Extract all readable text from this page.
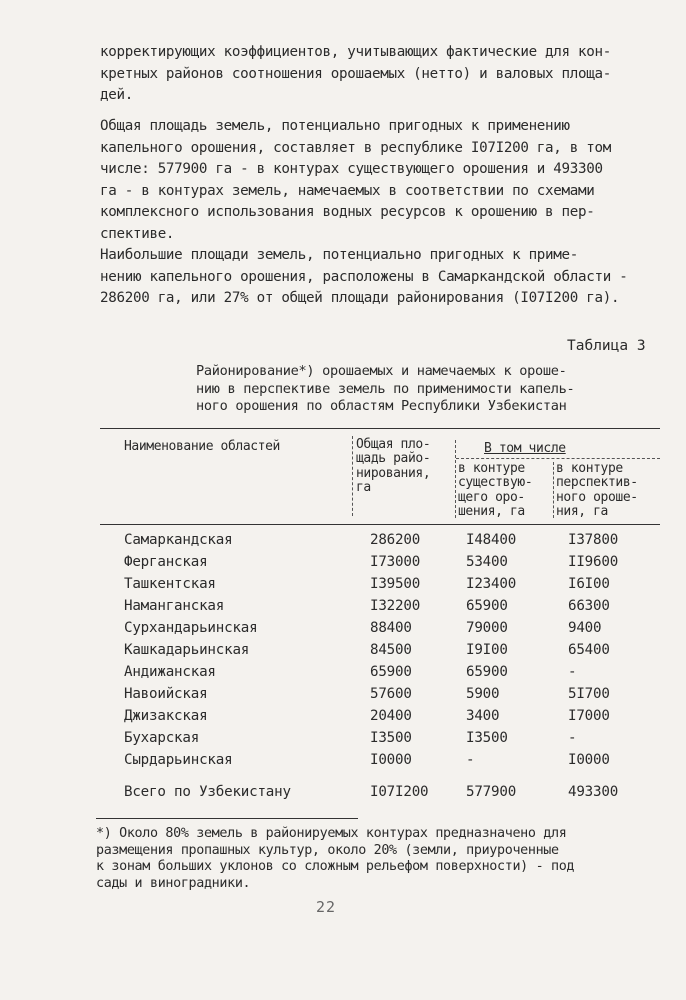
корректирующих коэффициентов, учитывающих фактические для кон-
кретных районов соотношения орошаемых (нетто) и валовых площа-
дей.

Общая площадь земель, потенциально пригодных к применению
капельного орошения, составляет в республике I07I200 га, в том
числе: 577900 га - в контурах существующего орошения и 493300
га - в контурах земель, намечаемых в соответствии по схемами
комплексного использования водных ресурсов к орошению в пер-
спективе.

Наибольшие площади земель, потенциально пригодных к приме-
нению капельного орошения, расположены в Самаркандской области -
286200 га, или 27% от общей площади районирования (I07I200 га).

Таблица 3
Районирование*) орошаемых и намечаемых к ороше-
нию в перспективе земель по применимости капель-
ного орошения по областям Республики Узбекистан
Наименование областей	Общая пло-
щадь райо-
нирования,
га
В том числе
в контуре
существую-
щего оро-
шения, га
в контуре
перспектив-
ного ороше-
ния, га
Самаркандская	286200	I48400	I37800
Ферганская	I73000	53400	II9600
Ташкентская	I39500	I23400	I6I00
Наманганская	I32200	65900	66300
Сурхандарьинская	88400	79000	9400
Кашкадарьинская	84500	I9I00	65400
Андижанская	65900	65900	-
Навоийская	57600	5900	5I700
Джизакская	20400	3400	I7000
Бухарская	I3500	I3500	-
Сырдарьинская	I0000	-	I0000
Всего по Узбекистану	I07I200	577900	493300
*) Около 80% земель в районируемых контурах предназначено для
размещения пропашных культур, около 20% (земли, приуроченные
к зонам больших уклонов со сложным рельефом поверхности) - под
сады и виноградники.
22
